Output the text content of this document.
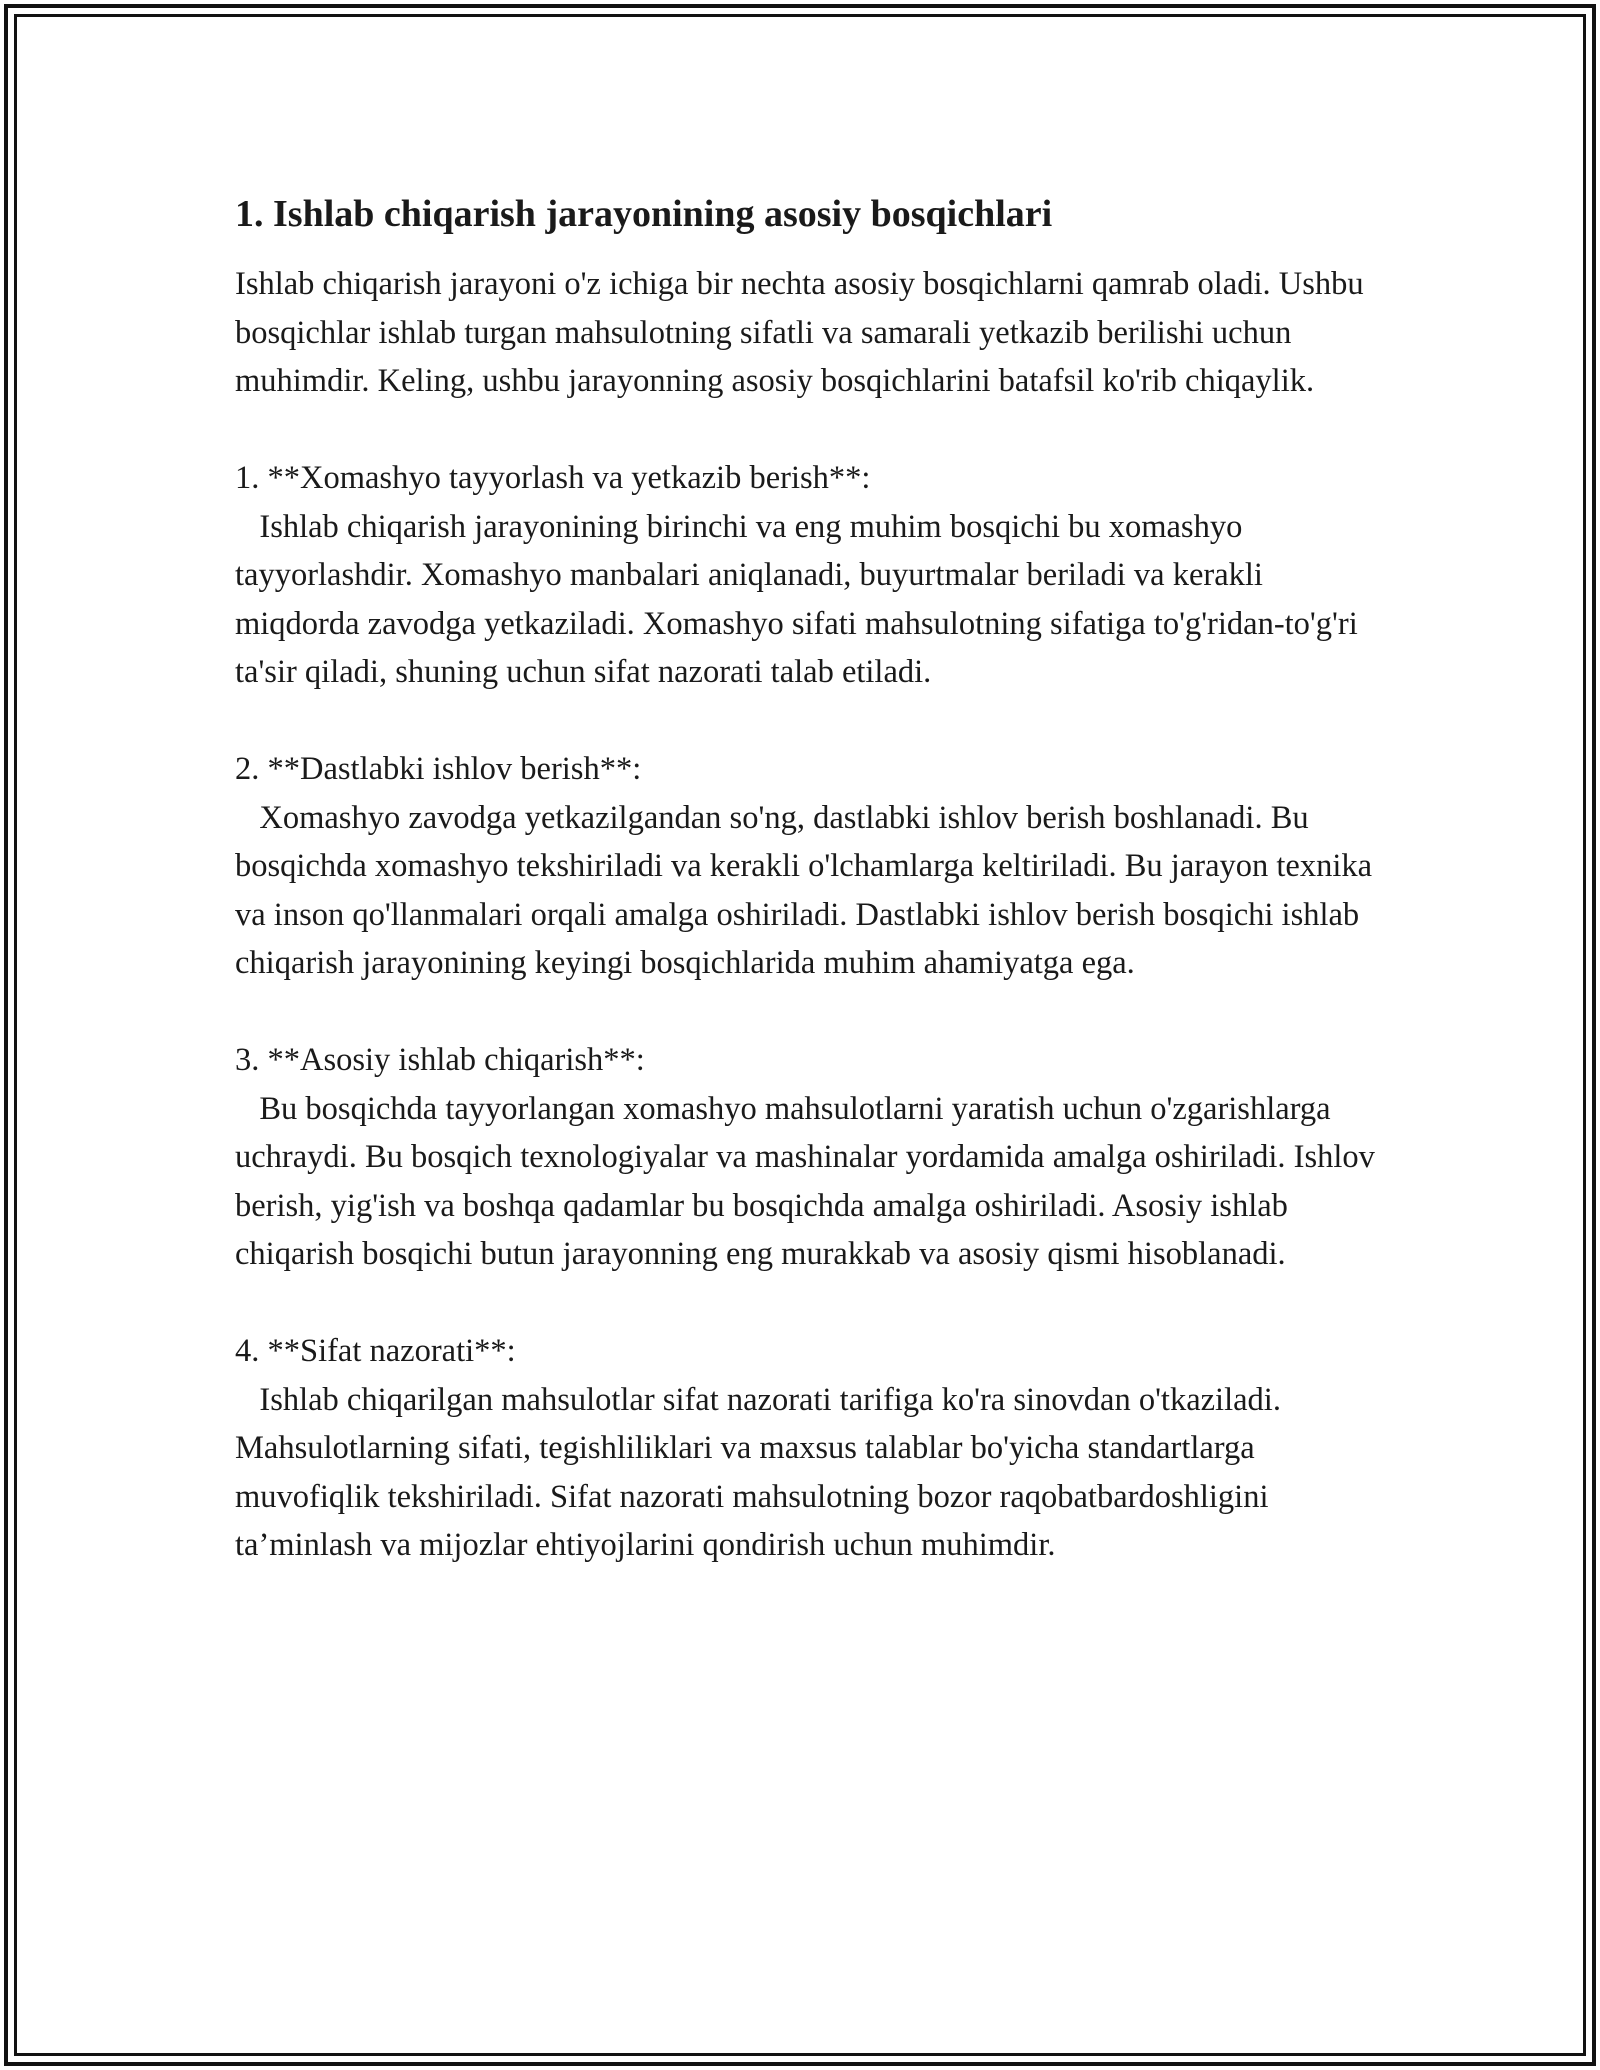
1. Ishlab chiqarish jarayonining asosiy bosqichlari

Ishlab chiqarish jarayoni o'z ichiga bir nechta asosiy bosqichlarni qamrab oladi. Ushbu bosqichlar ishlab turgan mahsulotning sifatli va samarali yetkazib berilishi uchun muhimdir. Keling, ushbu jarayonning asosiy bosqichlarini batafsil ko'rib chiqaylik.

1. **Xomashyo tayyorlash va yetkazib berish**:

Ishlab chiqarish jarayonining birinchi va eng muhim bosqichi bu xomashyo tayyorlashdir. Xomashyo manbalari aniqlanadi, buyurtmalar beriladi va kerakli miqdorda zavodga yetkaziladi. Xomashyo sifati mahsulotning sifatiga to'g'ridan-to'g'ri ta'sir qiladi, shuning uchun sifat nazorati talab etiladi.

2. **Dastlabki ishlov berish**:

Xomashyo zavodga yetkazilgandan so'ng, dastlabki ishlov berish boshlanadi. Bu bosqichda xomashyo tekshiriladi va kerakli o'lchamlarga keltiriladi. Bu jarayon texnika va inson qo'llanmalari orqali amalga oshiriladi. Dastlabki ishlov berish bosqichi ishlab chiqarish jarayonining keyingi bosqichlarida muhim ahamiyatga ega.

3. **Asosiy ishlab chiqarish**:

Bu bosqichda tayyorlangan xomashyo mahsulotlarni yaratish uchun o'zgarishlarga uchraydi. Bu bosqich texnologiyalar va mashinalar yordamida amalga oshiriladi. Ishlov berish, yig'ish va boshqa qadamlar bu bosqichda amalga oshiriladi. Asosiy ishlab chiqarish bosqichi butun jarayonning eng murakkab va asosiy qismi hisoblanadi.

4. **Sifat nazorati**:

Ishlab chiqarilgan mahsulotlar sifat nazorati tarifiga ko'ra sinovdan o'tkaziladi. Mahsulotlarning sifati, tegishliliklari va maxsus talablar bo'yicha standartlarga muvofiqlik tekshiriladi. Sifat nazorati mahsulotning bozor raqobatbardoshligini ta’minlash va mijozlar ehtiyojlarini qondirish uchun muhimdir.
